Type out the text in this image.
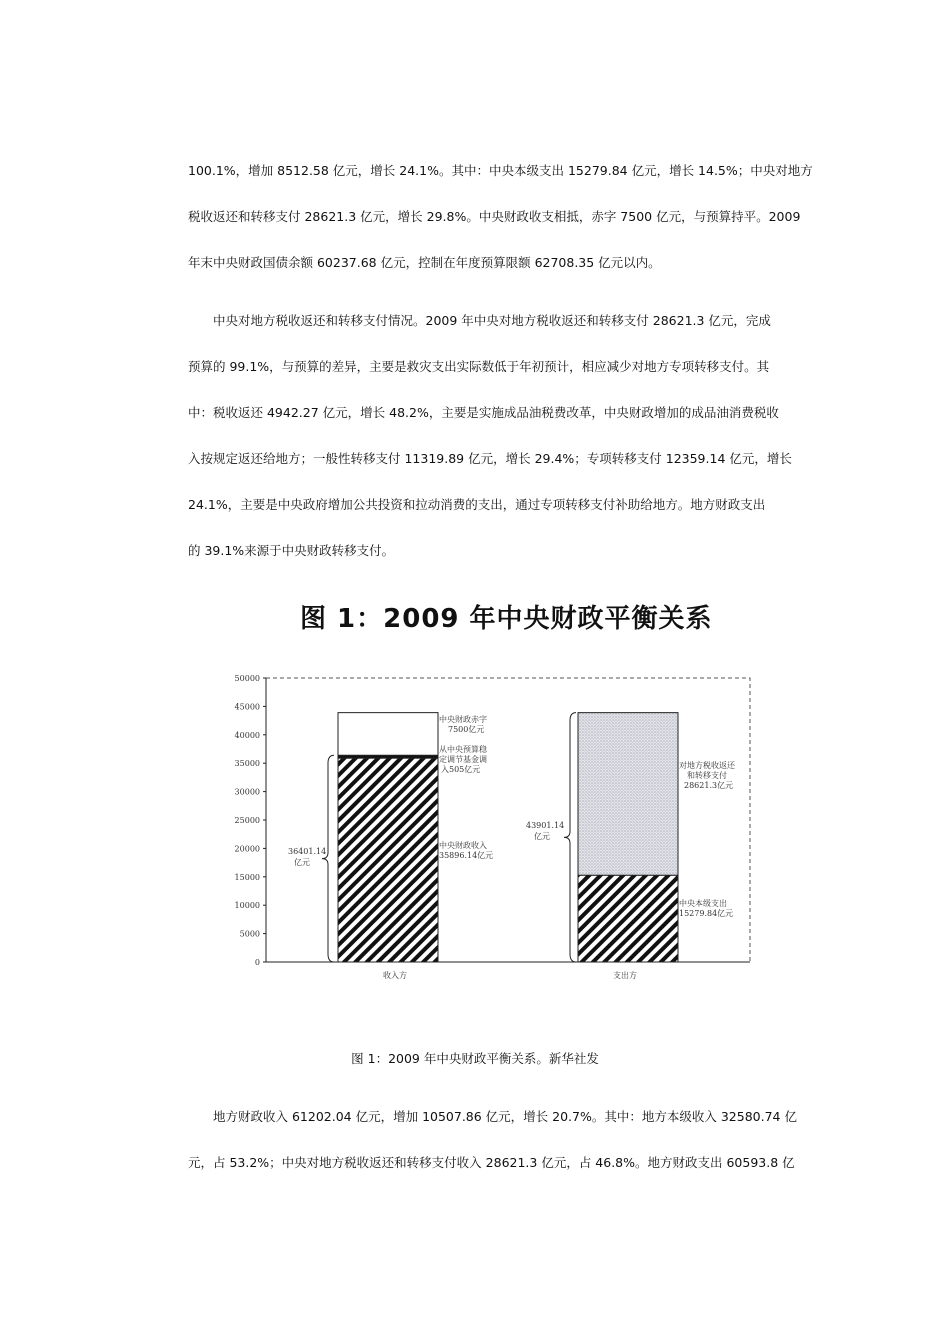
100.1%，增加 8512.58 亿元，增长 24.1%。其中：中央本级支出 15279.84 亿元，增长 14.5%；中央对地方
税收返还和转移支付 28621.3 亿元，增长 29.8%。中央财政收支相抵，赤字 7500 亿元，与预算持平。2009
年末中央财政国债余额 60237.68 亿元，控制在年度预算限额 62708.35 亿元以内。

中央对地方税收返还和转移支付情况。2009 年中央对地方税收返还和转移支付 28621.3 亿元，完成
预算的 99.1%，与预算的差异，主要是救灾支出实际数低于年初预计，相应减少对地方专项转移支付。其
中：税收返还 4942.27 亿元，增长 48.2%，主要是实施成品油税费改革，中央财政增加的成品油消费税收
入按规定返还给地方；一般性转移支付 11319.89 亿元，增长 29.4%；专项转移支付 12359.14 亿元，增长
24.1%，主要是中央政府增加公共投资和拉动消费的支出，通过专项转移支付补助给地方。地方财政支出
的 39.1%来源于中央财政转移支付。

图 1：2009 年中央财政平衡关系
0
5000
10000
15000
20000
25000
30000
35000
40000
45000
50000
36401.14
亿元
中央财政赤字
7500亿元
从中央预算稳
定调节基金调
入505亿元
中央财政收入
35896.14亿元
43901.14
亿元
对地方税收返还
和转移支付
28621.3亿元
中央本级支出
15279.84亿元
收入方	支出方

图 1：2009 年中央财政平衡关系。新华社发

地方财政收入 61202.04 亿元，增加 10507.86 亿元，增长 20.7%。其中：地方本级收入 32580.74 亿
元，占 53.2%；中央对地方税收返还和转移支付收入 28621.3 亿元，占 46.8%。地方财政支出 60593.8 亿
